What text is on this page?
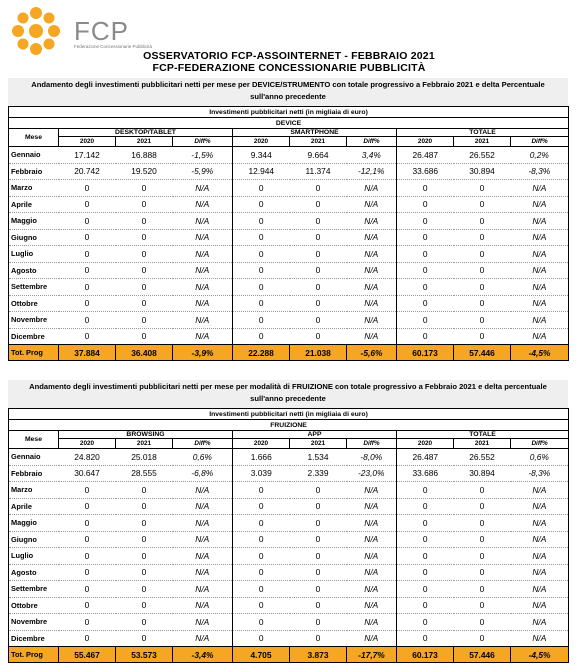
FCP
Federazione Concessionarie Pubblicità
OSSERVATORIO FCP-ASSOINTERNET - FEBBRAIO 2021
FCP-FEDERAZIONE CONCESSIONARIE PUBBLICITÀ
Andamento degli investimenti pubblicitari netti per mese per DEVICE/STRUMENTO con totale progressivo a Febbraio 2021 e delta Percentuale sull'anno precedente
Investimenti pubblicitari netti (in migliaia di euro)									
DEVICE									
Mese	DESKTOP/TABLET			SMARTPHONE			TOTALE		
	2020	2021	Diff%	2020	2021	Diff%	2020	2021	Diff%
Gennaio	17.142	16.888	-1,5%	9.344	9.664	3,4%	26.487	26.552	0,2%
Febbraio	20.742	19.520	-5,9%	12.944	11.374	-12,1%	33.686	30.894	-8,3%
Marzo	0	0	N/A	0	0	N/A	0	0	N/A
Aprile	0	0	N/A	0	0	N/A	0	0	N/A
Maggio	0	0	N/A	0	0	N/A	0	0	N/A
Giugno	0	0	N/A	0	0	N/A	0	0	N/A
Luglio	0	0	N/A	0	0	N/A	0	0	N/A
Agosto	0	0	N/A	0	0	N/A	0	0	N/A
Settembre	0	0	N/A	0	0	N/A	0	0	N/A
Ottobre	0	0	N/A	0	0	N/A	0	0	N/A
Novembre	0	0	N/A	0	0	N/A	0	0	N/A
Dicembre	0	0	N/A	0	0	N/A	0	0	N/A
Tot. Prog	37.884	36.408	-3,9%	22.288	21.038	-5,6%	60.173	57.446	-4,5%
Andamento degli investimenti pubblicitari netti per mese per modalità di FRUIZIONE con totale progressivo a Febbraio 2021 e delta percentuale sull'anno precedente
Investimenti pubblicitari netti (in migliaia di euro)									
FRUIZIONE									
Mese	BROWSING			APP			TOTALE		
	2020	2021	Diff%	2020	2021	Diff%	2020	2021	Diff%
Gennaio	24.820	25.018	0,6%	1.666	1.534	-8,0%	26.487	26.552	0,6%
Febbraio	30.647	28.555	-6,8%	3.039	2.339	-23,0%	33.686	30.894	-8,3%
Marzo	0	0	N/A	0	0	N/A	0	0	N/A
Aprile	0	0	N/A	0	0	N/A	0	0	N/A
Maggio	0	0	N/A	0	0	N/A	0	0	N/A
Giugno	0	0	N/A	0	0	N/A	0	0	N/A
Luglio	0	0	N/A	0	0	N/A	0	0	N/A
Agosto	0	0	N/A	0	0	N/A	0	0	N/A
Settembre	0	0	N/A	0	0	N/A	0	0	N/A
Ottobre	0	0	N/A	0	0	N/A	0	0	N/A
Novembre	0	0	N/A	0	0	N/A	0	0	N/A
Dicembre	0	0	N/A	0	0	N/A	0	0	N/A
Tot. Prog	55.467	53.573	-3,4%	4.705	3.873	-17,7%	60.173	57.446	-4,5%
